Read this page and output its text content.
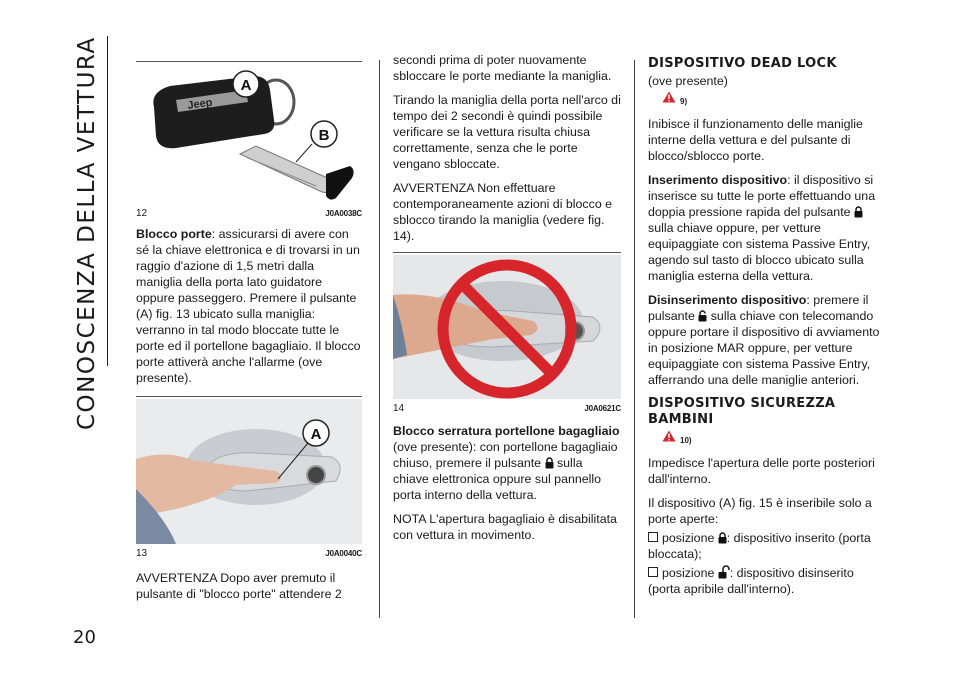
CONOSCENZA DELLA VETTURA
20
Jeep
A
B
12	J0A0038C

Blocco porte: assicurarsi di avere con sé la chiave elettronica e di trovarsi in un raggio d'azione di 1,5 metri dalla maniglia della porta lato guidatore oppure passeggero. Premere il pulsante (A) fig. 13 ubicato sulla maniglia: verranno in tal modo bloccate tutte le porte ed il portellone bagagliaio. Il blocco porte attiverà anche l'allarme (ove presente).

A
13	J0A0040C

AVVERTENZA Dopo aver premuto il pulsante di "blocco porte" attendere 2

secondi prima di poter nuovamente sbloccare le porte mediante la maniglia.

Tirando la maniglia della porta nell'arco di tempo dei 2 secondi è quindi possibile verificare se la vettura risulta chiusa correttamente, senza che le porte vengano sbloccate.

AVVERTENZA Non effettuare contemporaneamente azioni di blocco e sblocco tirando la maniglia (vedere fig. 14).

14	J0A0621C

Blocco serratura portellone bagagliaio (ove presente): con portellone bagagliaio chiuso, premere il pulsante  sulla chiave elettronica oppure sul pannello porta interno della vettura.

NOTA L'apertura bagagliaio è disabilitata con vettura in movimento.

DISPOSITIVO DEAD LOCK

(ove presente)

9)

Inibisce il funzionamento delle maniglie interne della vettura e del pulsante di blocco/sblocco porte.

Inserimento dispositivo: il dispositivo si inserisce su tutte le porte effettuando una doppia pressione rapida del pulsante  sulla chiave oppure, per vetture equipaggiate con sistema Passive Entry, agendo sul tasto di blocco ubicato sulla maniglia esterna della vettura.

Disinserimento dispositivo: premere il pulsante  sulla chiave con telecomando oppure portare il dispositivo di avviamento in posizione MAR oppure, per vetture equipaggiate con sistema Passive Entry, afferrando una delle maniglie anteriori.

DISPOSITIVO SICUREZZA BAMBINI
10)

Impedisce l'apertura delle porte posteriori dall'interno.

Il dispositivo (A) fig. 15 è inseribile solo a porte aperte:

posizione : dispositivo inserito (porta bloccata);

posizione : dispositivo disinserito (porta apribile dall'interno).
